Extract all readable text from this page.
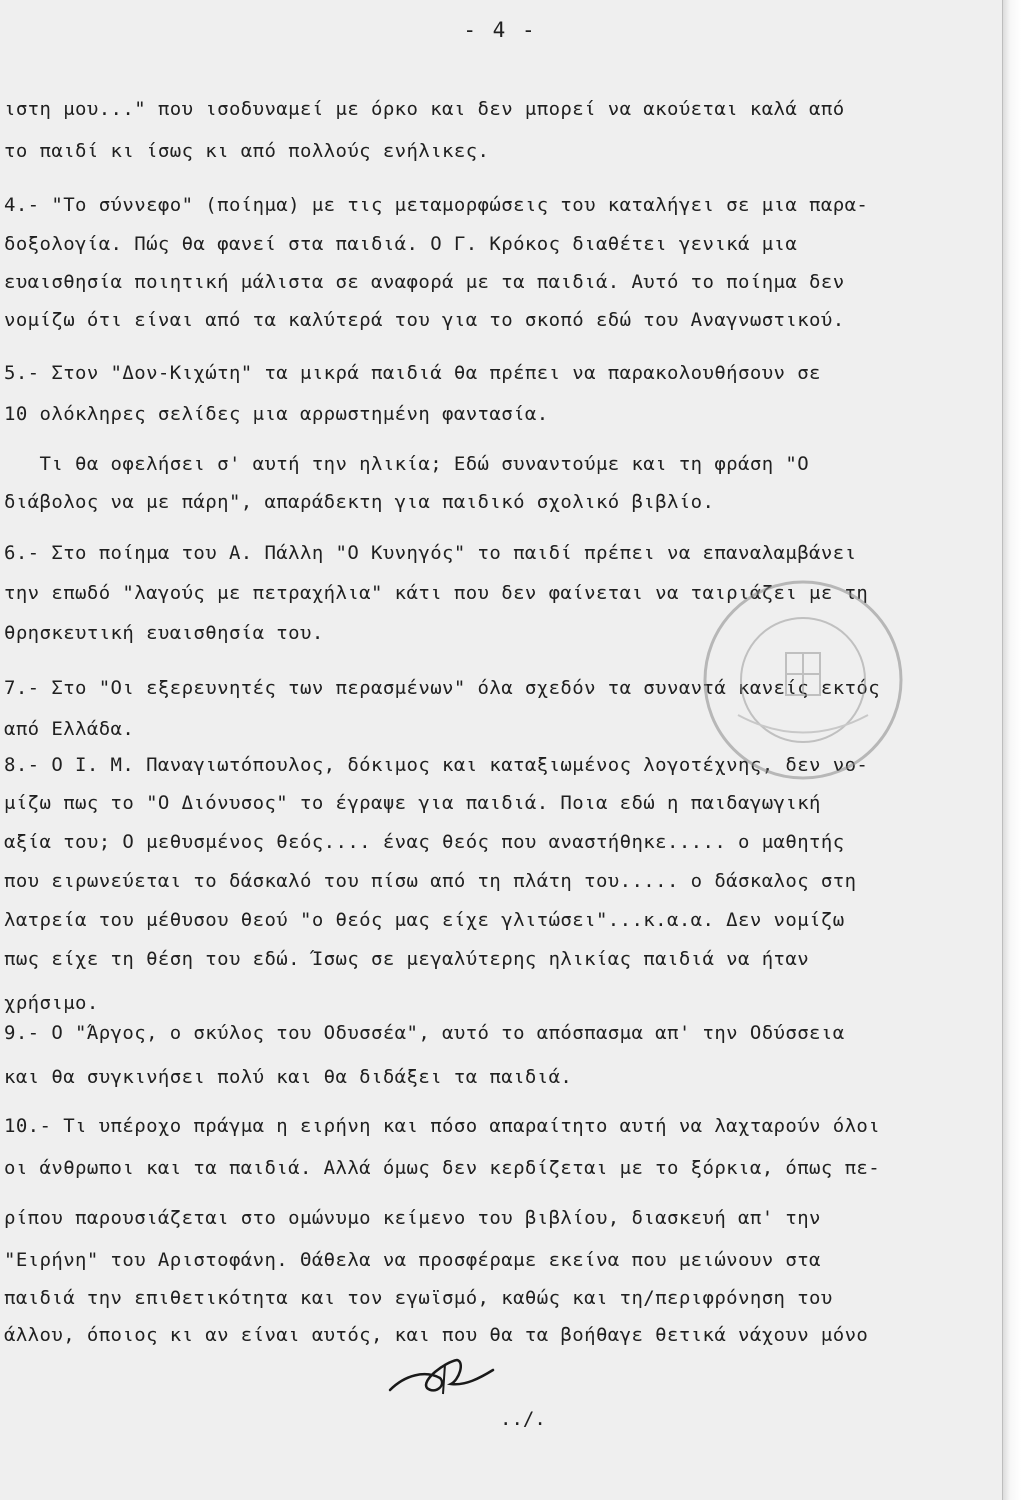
- 4 -
ιστη μου..." που ισοδυναμεί με όρκο και δεν μπορεί να ακούεται καλά από
το παιδί κι ίσως κι από πολλούς ενήλικες.
4.- "Το σύννεφο" (ποίημα) με τις μεταμορφώσεις του καταλήγει σε μια παρα-
δοξολογία. Πώς θα φανεί στα παιδιά. Ο Γ. Κρόκος διαθέτει γενικά μια
ευαισθησία ποιητική μάλιστα σε αναφορά με τα παιδιά. Αυτό το ποίημα δεν
νομίζω ότι είναι από τα καλύτερά του για το σκοπό εδώ του Αναγνωστικού.
5.- Στον "Δον-Κιχώτη" τα μικρά παιδιά θα πρέπει να παρακολουθήσουν σε
10 ολόκληρες σελίδες μια αρρωστημένη φαντασία.
Τι θα οφελήσει σ' αυτή την ηλικία; Εδώ συναντούμε και τη φράση "Ο
διάβολος να με πάρη", απαράδεκτη για παιδικό σχολικό βιβλίο.
6.- Στο ποίημα του Α. Πάλλη "Ο Κυνηγός" το παιδί πρέπει να επαναλαμβάνει
την επωδό "λαγούς με πετραχήλια" κάτι που δεν φαίνεται να ταιριάζει με τη
θρησκευτική ευαισθησία του.
7.- Στο "Οι εξερευνητές των περασμένων" όλα σχεδόν τα συναντά κανείς εκτός
από Ελλάδα.
8.- Ο Ι. Μ. Παναγιωτόπουλος, δόκιμος και καταξιωμένος λογοτέχνης, δεν νο-
μίζω πως το "Ο Διόνυσος" το έγραψε για παιδιά. Ποια εδώ η παιδαγωγική
αξία του; Ο μεθυσμένος θεός.... ένας θεός που αναστήθηκε..... ο μαθητής
που ειρωνεύεται το δάσκαλό του πίσω από τη πλάτη του..... ο δάσκαλος στη
λατρεία του μέθυσου θεού "ο θεός μας είχε γλιτώσει"...κ.α.α. Δεν νομίζω
πως είχε τη θέση του εδώ. Ίσως σε μεγαλύτερης ηλικίας παιδιά να ήταν
χρήσιμο.
9.- Ο "Άργος, ο σκύλος του Οδυσσέα", αυτό το απόσπασμα απ' την Οδύσσεια
και θα συγκινήσει πολύ και θα διδάξει τα παιδιά.
10.- Τι υπέροχο πράγμα η ειρήνη και πόσο απαραίτητο αυτή να λαχταρούν όλοι
οι άνθρωποι και τα παιδιά. Αλλά όμως δεν κερδίζεται με το ξόρκια, όπως πε-
ρίπου παρουσιάζεται στο ομώνυμο κείμενο του βιβλίου, διασκευή απ' την
"Ειρήνη" του Αριστοφάνη. Θάθελα να προσφέραμε εκείνα που μειώνουν στα
παιδιά την επιθετικότητα και τον εγωϊσμό, καθώς και τη/περιφρόνηση του
άλλου, όποιος κι αν είναι αυτός, και που θα τα βοήθαγε θετικά νάχουν μόνο
../.
